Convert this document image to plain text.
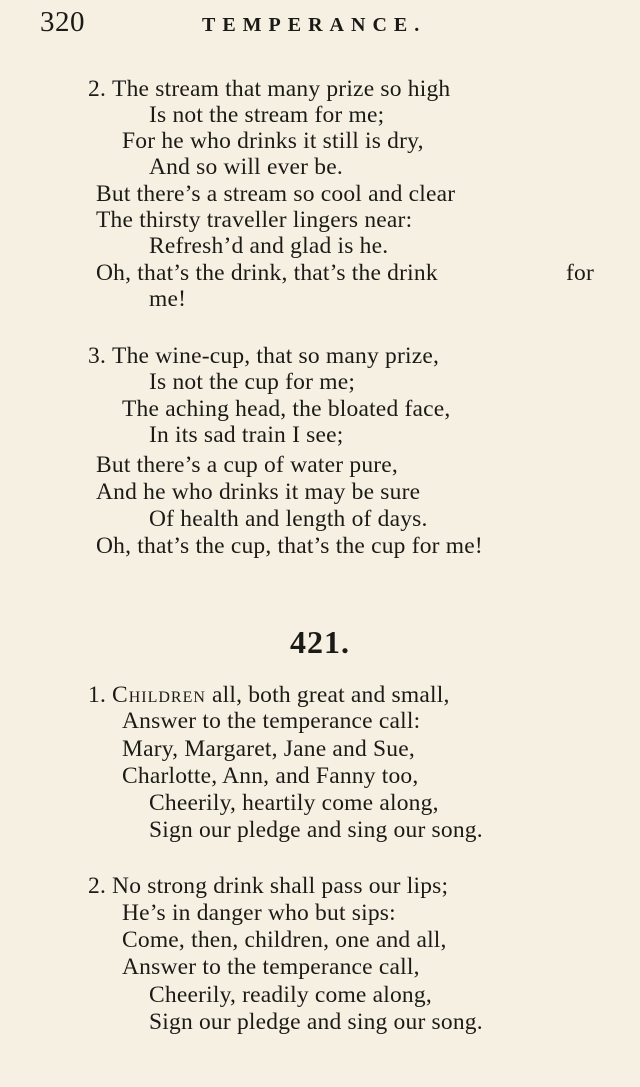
320	TEMPERANCE.
2. The stream that many prize so high
Is not the stream for me;
For he who drinks it still is dry,
And so will ever be.
But there’s a stream so cool and clear
The thirsty traveller lingers near:
Refresh’d and glad is he.
Oh, that’s the drink, that’s the drink	for
me!
3. The wine-cup, that so many prize,
Is not the cup for me;
The aching head, the bloated face,
In its sad train I see;
But there’s a cup of water pure,
And he who drinks it may be sure
Of health and length of days.
Oh, that’s the cup, that’s the cup for me!
421.
1. Children all, both great and small,
Answer to the temperance call:
Mary, Margaret, Jane and Sue,
Charlotte, Ann, and Fanny too,
Cheerily, heartily come along,
Sign our pledge and sing our song.
2. No strong drink shall pass our lips;
He’s in danger who but sips:
Come, then, children, one and all,
Answer to the temperance call,
Cheerily, readily come along,
Sign our pledge and sing our song.
